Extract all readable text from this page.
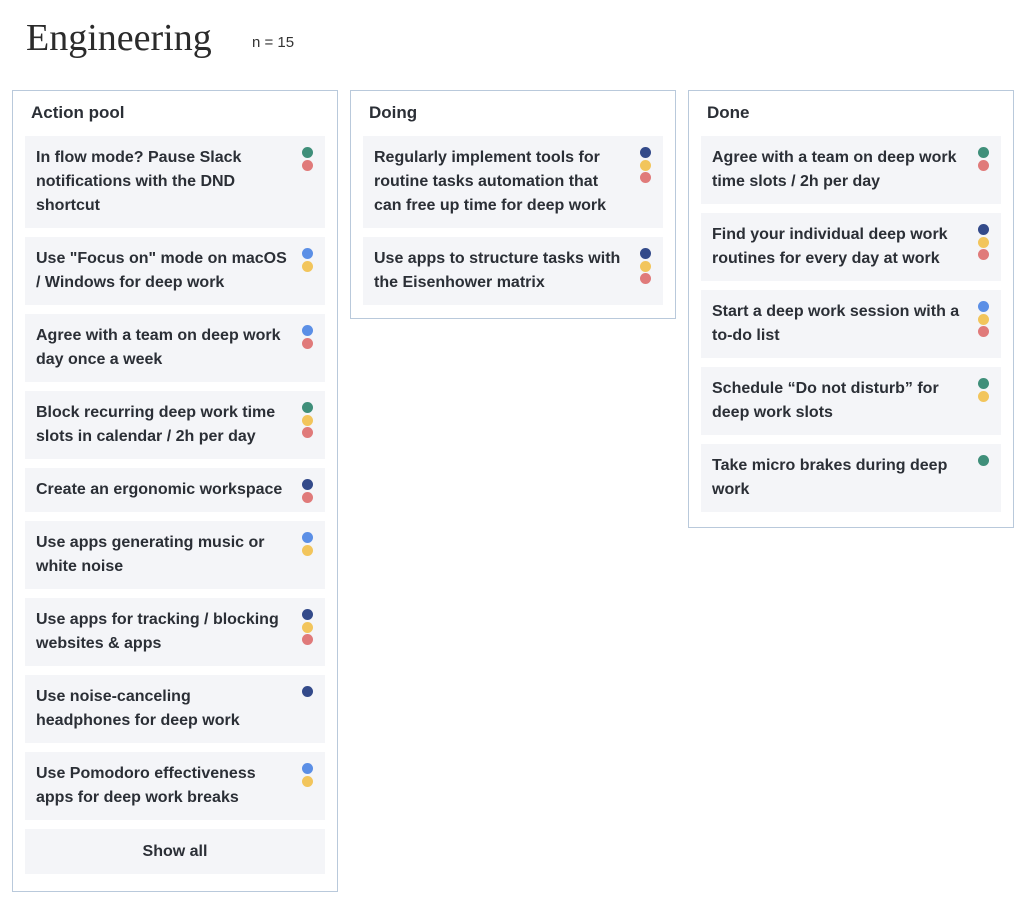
Engineering	n = 15
Action pool
In flow mode? Pause Slack notifications with the DND shortcut
Use "Focus on" mode on macOS / Windows for deep work
Agree with a team on deep work day once a week
Block recurring deep work time slots in calendar / 2h per day
Create an ergonomic workspace
Use apps generating music or white noise
Use apps for tracking / blocking websites & apps
Use noise-canceling headphones for deep work
Use Pomodoro effectiveness apps for deep work breaks
Show all
Doing
Regularly implement tools for routine tasks automation that can free up time for deep work
Use apps to structure tasks with the Eisenhower matrix
Done
Agree with a team on deep work time slots / 2h per day
Find your individual deep work routines for every day at work
Start a deep work session with a to-do list
Schedule “Do not disturb” for deep work slots
Take micro brakes during deep work
